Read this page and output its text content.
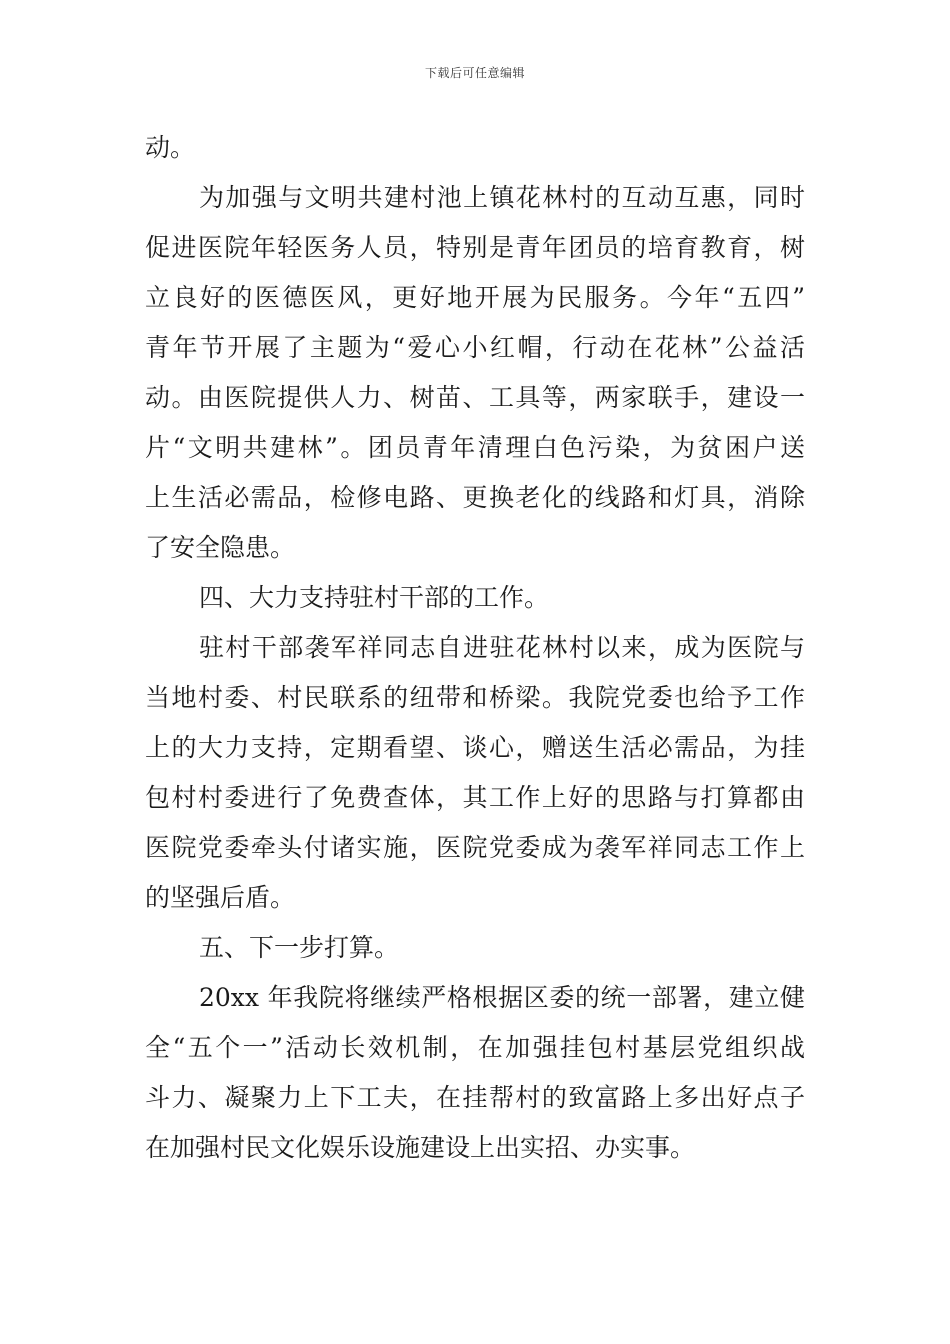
下载后可任意编辑
动。
为加强与文明共建村池上镇花林村的互动互惠，同时
促进医院年轻医务人员，特别是青年团员的培育教育，树
立良好的医德医风，更好地开展为民服务。今年“五四”
青年节开展了主题为“爱心小红帽，行动在花林”公益活
动。由医院提供人力、树苗、工具等，两家联手，建设一
片“文明共建林”。团员青年清理白色污染，为贫困户送
上生活必需品，检修电路、更换老化的线路和灯具，消除
了安全隐患。
四、大力支持驻村干部的工作。
驻村干部袭军祥同志自进驻花林村以来，成为医院与
当地村委、村民联系的纽带和桥梁。我院党委也给予工作
上的大力支持，定期看望、谈心，赠送生活必需品，为挂
包村村委进行了免费查体，其工作上好的思路与打算都由
医院党委牵头付诸实施，医院党委成为袭军祥同志工作上
的坚强后盾。
五、下一步打算。
20xx 年我院将继续严格根据区委的统一部署，建立健
全“五个一”活动长效机制，在加强挂包村基层党组织战
斗力、凝聚力上下工夫，在挂帮村的致富路上多出好点子
在加强村民文化娱乐设施建设上出实招、办实事。
